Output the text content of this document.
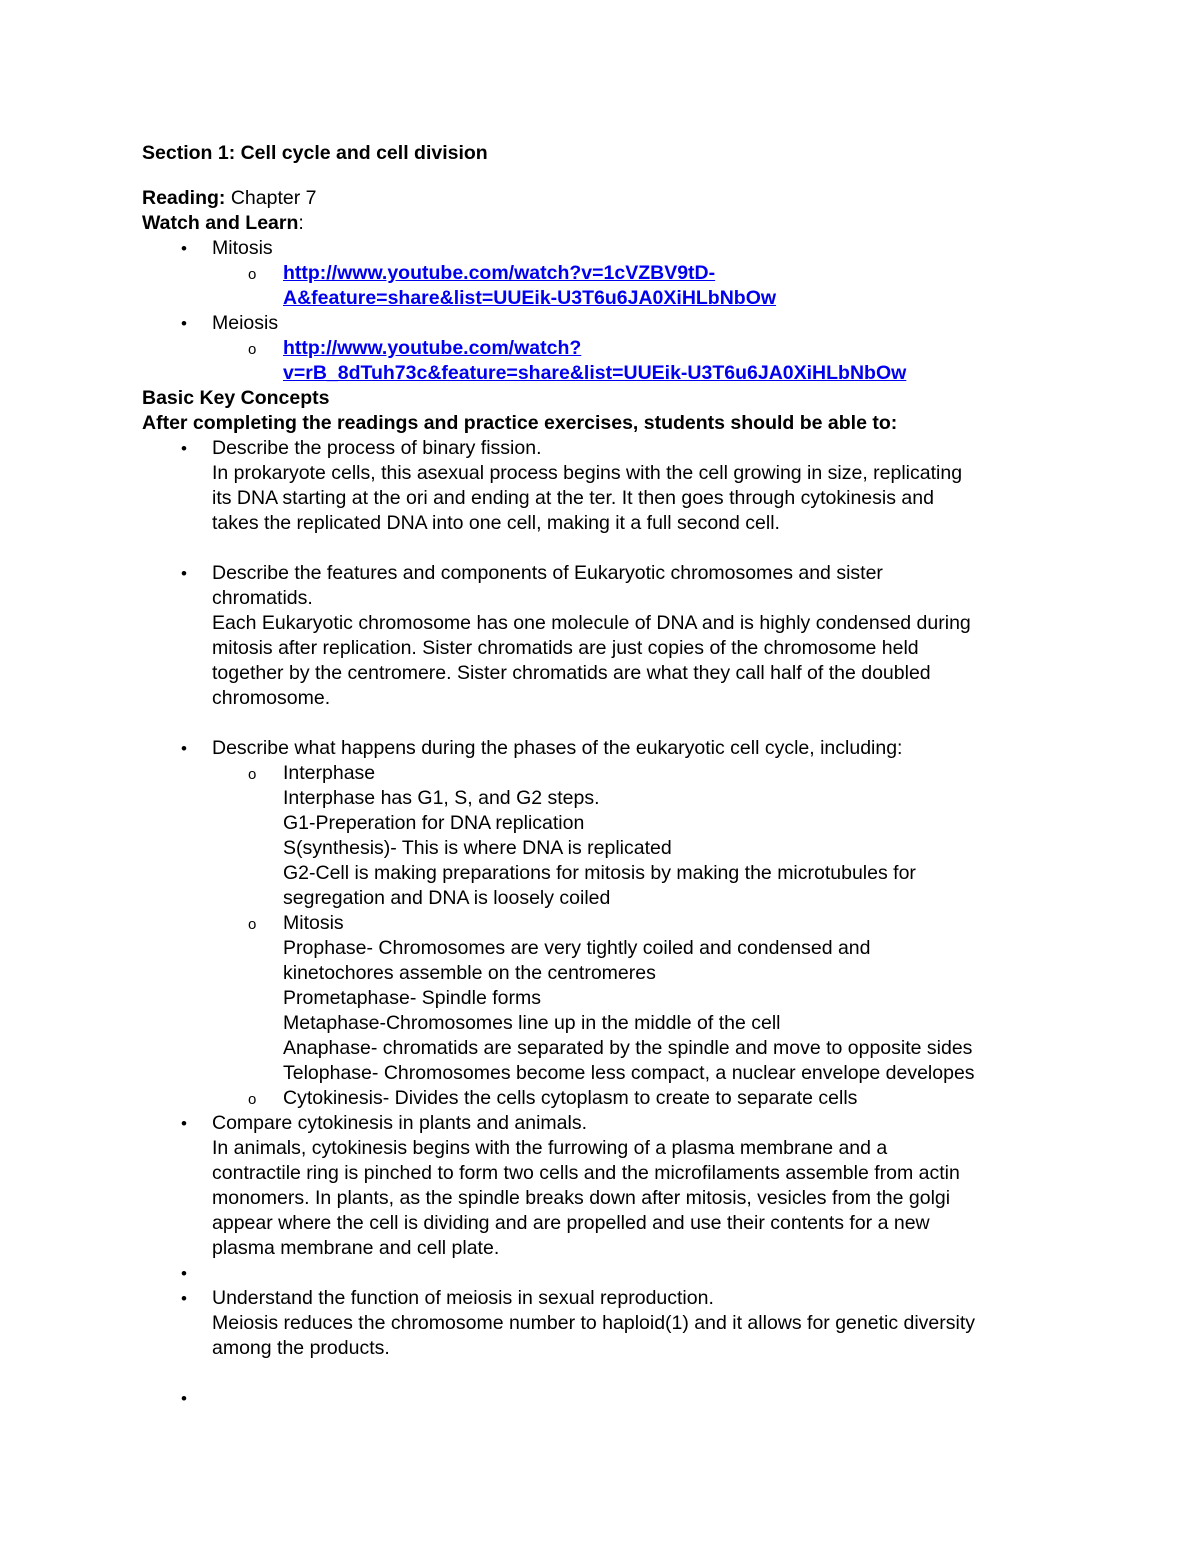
Section 1: Cell cycle and cell division
Reading: Chapter 7
Watch and Learn:
•	Mitosis
o	http://www.youtube.com/watch?v=1cVZBV9tD-
A&feature=share&list=UUEik-U3T6u6JA0XiHLbNbOw
•	Meiosis
o	http://www.youtube.com/watch?
v=rB_8dTuh73c&feature=share&list=UUEik-U3T6u6JA0XiHLbNbOw
Basic Key Concepts
After completing the readings and practice exercises, students should be able to:
•	Describe the process of binary fission.
In prokaryote cells, this asexual process begins with the cell growing in size, replicating
its DNA starting at the ori and ending at the ter. It then goes through cytokinesis and
takes the replicated DNA into one cell, making it a full second cell.
•	Describe the features and components of Eukaryotic chromosomes and sister
chromatids.
Each Eukaryotic chromosome has one molecule of DNA and is highly condensed during
mitosis after replication. Sister chromatids are just copies of the chromosome held
together by the centromere. Sister chromatids are what they call half of the doubled
chromosome.
•	Describe what happens during the phases of the eukaryotic cell cycle, including:
o Interphase
Interphase has G1, S, and G2 steps.
G1-Preperation for DNA replication
S(synthesis)- This is where DNA is replicated
G2-Cell is making preparations for mitosis by making the microtubules for
segregation and DNA is loosely coiled
o Mitosis
Prophase- Chromosomes are very tightly coiled and condensed and
kinetochores assemble on the centromeres
Prometaphase- Spindle forms
Metaphase-Chromosomes line up in the middle of the cell
Anaphase- chromatids are separated by the spindle and move to opposite sides
Telophase- Chromosomes become less compact, a nuclear envelope developes
o Cytokinesis- Divides the cells cytoplasm to create to separate cells
•	Compare cytokinesis in plants and animals.
In animals, cytokinesis begins with the furrowing of a plasma membrane and a
contractile ring is pinched to form two cells and the microfilaments assemble from actin
monomers. In plants, as the spindle breaks down after mitosis, vesicles from the golgi
appear where the cell is dividing and are propelled and use their contents for a new
plasma membrane and cell plate.
•

•	Understand the function of meiosis in sexual reproduction.
Meiosis reduces the chromosome number to haploid(1) and it allows for genetic diversity
among the products.
•
